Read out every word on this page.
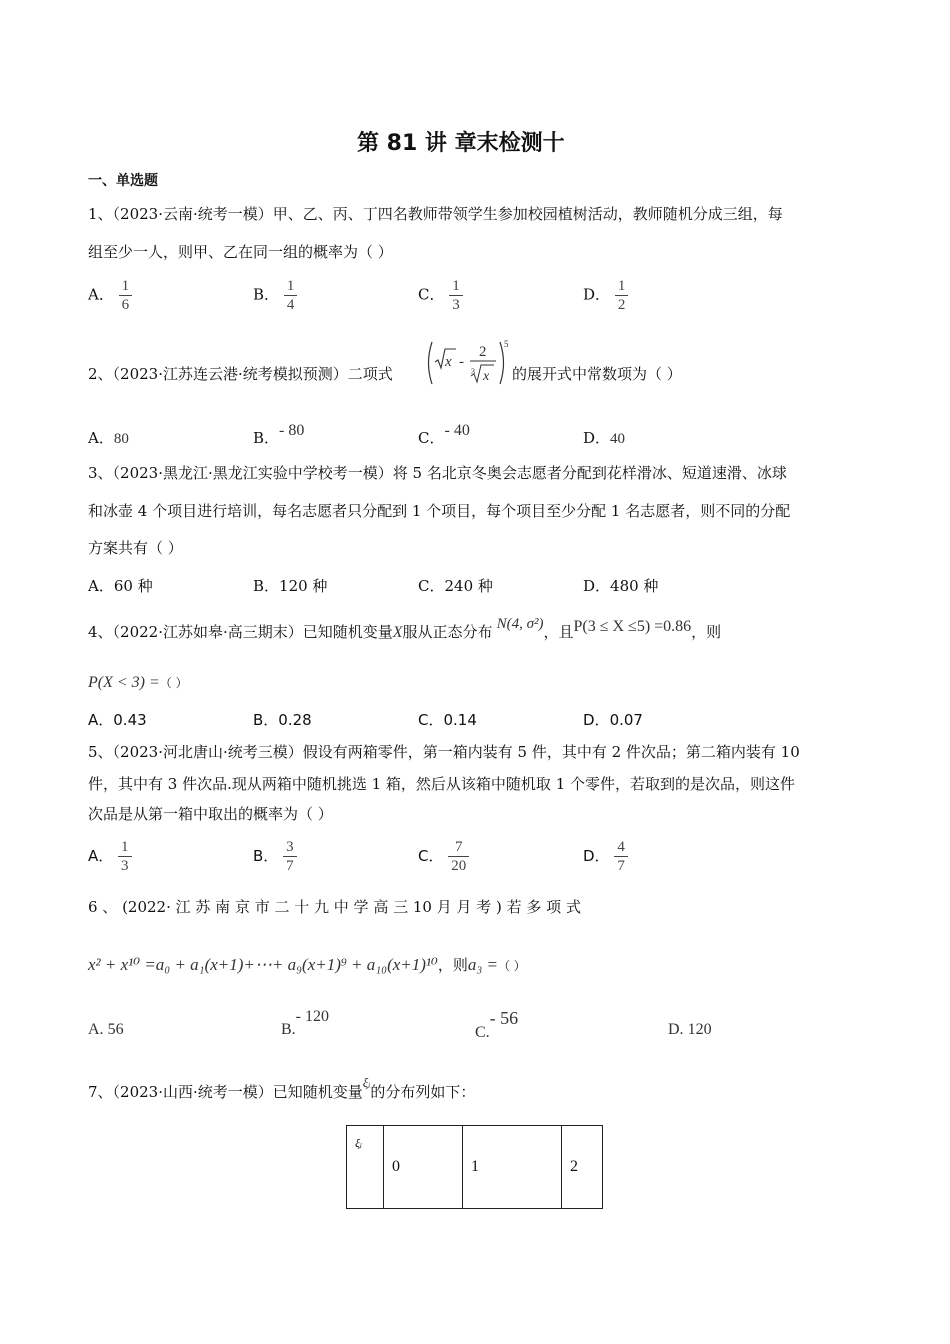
第 81 讲 章末检测十
一、单选题
1、（2023·云南·统考一模）甲、乙、丙、丁四名教师带领学生参加校园植树活动，教师随机分成三组，每
组至少一人，则甲、乙在同一组的概率为（ ）
A． $\frac{1}{6}$	B． $\frac{1}{4}$	C． $\frac{1}{3}$	D． $\frac{1}{2}$
2、（2023·江苏连云港·统考模拟预测）二项式
x -
2
3 x
5
的展开式中常数项为（ ）
A．80	B．- 80	C．- 40	D．40
3、（2023·黑龙江·黑龙江实验中学校考一模）将 5 名北京冬奥会志愿者分配到花样滑冰、短道速滑、冰球
和冰壶 4 个项目进行培训，每名志愿者只分配到 1 个项目，每个项目至少分配 1 名志愿者，则不同的分配
方案共有（ ）
A．60 种	B．120 种	C．240 种	D．480 种
4、（2022·江苏如皋·高三期末）已知随机变量X服从正态分布 N(4, σ²)，且P(3 ≤ X ≤5) =0.86，则
P(X < 3) =（ ）
A．0.43	B．0.28	C．0.14	D．0.07
5、（2023·河北唐山·统考三模）假设有两箱零件，第一箱内装有 5 件，其中有 2 件次品；第二箱内装有 10
件，其中有 3 件次品.现从两箱中随机挑选 1 箱，然后从该箱中随机取 1 个零件，若取到的是次品，则这件
次品是从第一箱中取出的概率为（ ）
A． $\frac{1}{3}$	B． $\frac{3}{7}$	C． $\frac{7}{20}$	D． $\frac{4}{7}$
6 、 (2022· 江 苏 南 京 市 二 十 九 中 学 高 三 10 月 月 考 ) 若 多 项 式
x² + x¹⁰ =a₀ + a₁(x+1)+⋯+ a₉(x+1)⁹ + a₁₀(x+1)¹⁰，则a₃ =（ ）
A. 56	B.- 120
C.- 56
D. 120
7、（2023·山西·统考一模）已知随机变量ξᵢ的分布列如下：
ξᵢ	0	1	2
